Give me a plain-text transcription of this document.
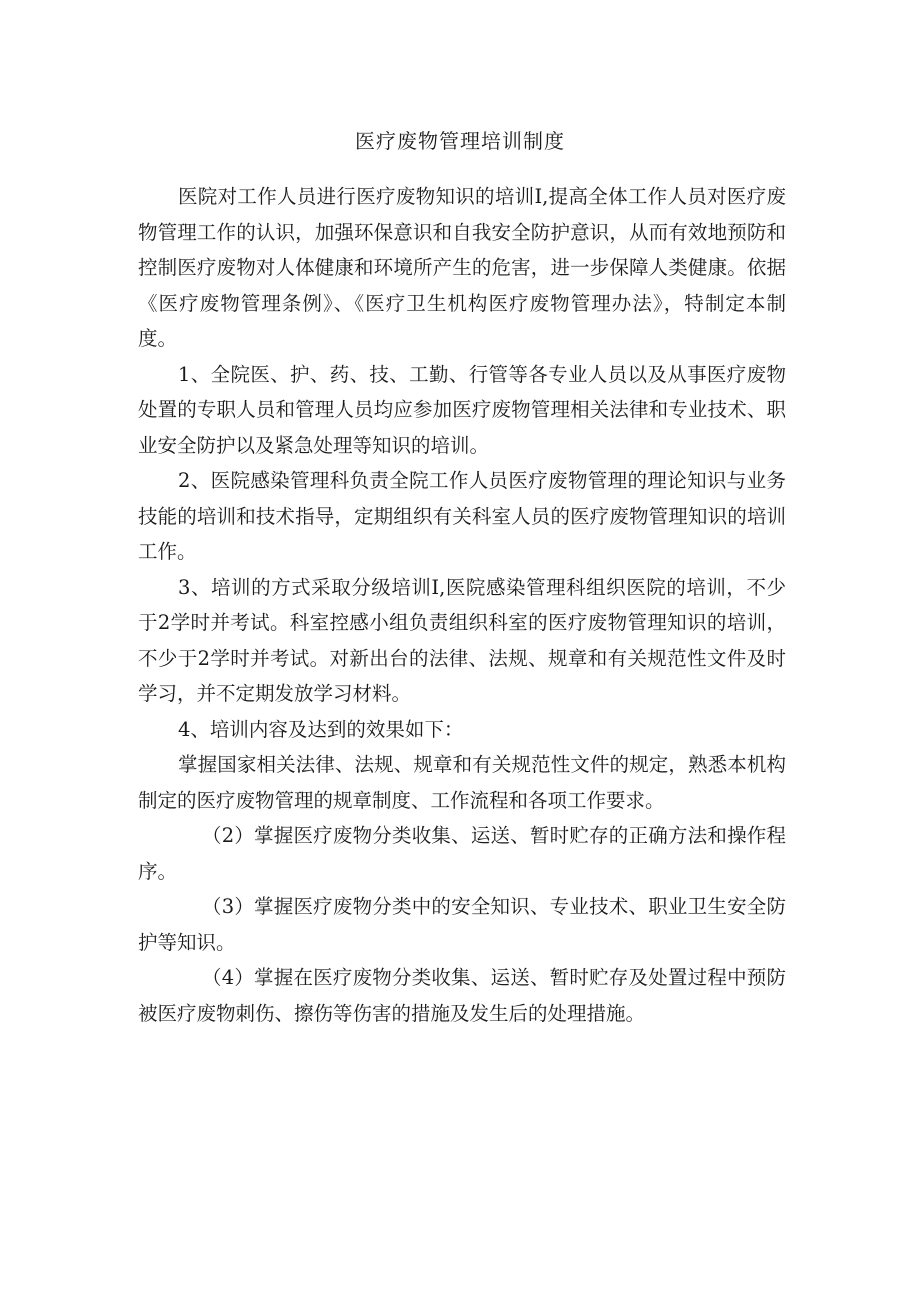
医疗废物管理培训制度

医院对工作人员进行医疗废物知识的培训I,提高全体工作人员对医疗废物管理工作的认识，加强环保意识和自我安全防护意识，从而有效地预防和控制医疗废物对人体健康和环境所产生的危害，进一步保障人类健康。依据《医疗废物管理条例》、《医疗卫生机构医疗废物管理办法》，特制定本制度。

1、全院医、护、药、技、工勤、行管等各专业人员以及从事医疗废物处置的专职人员和管理人员均应参加医疗废物管理相关法律和专业技术、职业安全防护以及紧急处理等知识的培训。

2、医院感染管理科负责全院工作人员医疗废物管理的理论知识与业务技能的培训和技术指导，定期组织有关科室人员的医疗废物管理知识的培训工作。

3、培训的方式采取分级培训I,医院感染管理科组织医院的培训，不少于2学时并考试。科室控感小组负责组织科室的医疗废物管理知识的培训，不少于2学时并考试。对新出台的法律、法规、规章和有关规范性文件及时学习，并不定期发放学习材料。

4、培训内容及达到的效果如下：

掌握国家相关法律、法规、规章和有关规范性文件的规定，熟悉本机构制定的医疗废物管理的规章制度、工作流程和各项工作要求。

（2）掌握医疗废物分类收集、运送、暂时贮存的正确方法和操作程序。

（3）掌握医疗废物分类中的安全知识、专业技术、职业卫生安全防护等知识。

（4）掌握在医疗废物分类收集、运送、暂时贮存及处置过程中预防被医疗废物刺伤、擦伤等伤害的措施及发生后的处理措施。
